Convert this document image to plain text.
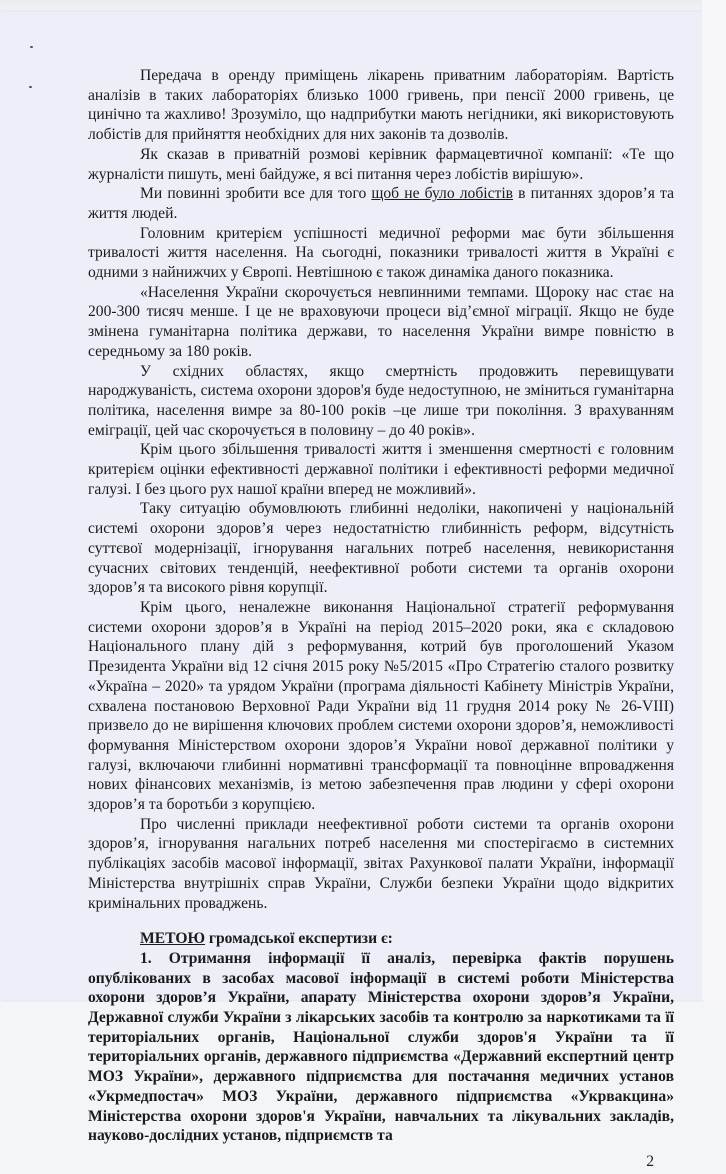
Передача в оренду приміщень лікарень приватним лабораторіям. Вартість аналізів в таких лабораторіях близько 1000 гривень, при пенсії 2000 гривень, це цинічно та жахливо! Зрозуміло, що надприбутки мають негідники, які використовують лобістів для прийняття необхідних для них законів та дозволів.

Як сказав в приватній розмові керівник фармацевтичної компанії: «Те що журналісти пишуть, мені байдуже, я всі питання через лобістів вирішую».

Ми повинні зробити все для того щоб не було лобістів в питаннях здоров’я та життя людей.

Головним критерієм успішності медичної реформи має бути збільшення тривалості життя населення. На сьогодні, показники тривалості життя в Україні є одними з найнижчих у Європі. Невтішною є також динаміка даного показника.

«Населення України скорочується невпинними темпами. Щороку нас стає на 200-300 тисяч менше. І це не враховуючи процеси від’ємної міграції. Якщо не буде змінена гуманітарна політика держави, то населення України вимре повністю в середньому за 180 років.

У східних областях, якщо смертність продовжить перевищувати народжуваність, система охорони здоров'я буде недоступною, не зміниться гуманітарна політика, населення вимре за 80-100 років –це лише три покоління. З врахуванням еміграції, цей час скорочується в половину – до 40 років».

Крім цього збільшення тривалості життя і зменшення смертності є головним критерієм оцінки ефективності державної політики і ефективності реформи медичної галузі. І без цього рух нашої країни вперед не можливий».

Таку ситуацію обумовлюють глибинні недоліки, накопичені у національній системі охорони здоров’я через недостатністю глибинність реформ, відсутність суттєвої модернізації, ігнорування нагальних потреб населення, невикористання сучасних світових тенденцій, неефективної роботи системи та органів охорони здоров’я та високого рівня корупції.

Крім цього, неналежне виконання Національної стратегії реформування системи охорони здоров’я в Україні на період 2015–2020 роки, яка є складовою Національного плану дій з реформування, котрий був проголошений Указом Президента України від 12 січня 2015 року №5/2015 «Про Стратегію сталого розвитку «Україна – 2020» та урядом України (програма діяльності Кабінету Міністрів України, схвалена постановою Верховної Ради України від 11 грудня 2014 року № 26-VIII) призвело до не вирішення ключових проблем системи охорони здоров’я, неможливості формування Міністерством охорони здоров’я України нової державної політики у галузі, включаючи глибинні нормативні трансформації та повноцінне впровадження нових фінансових механізмів, із метою забезпечення прав людини у сфері охорони здоров’я та боротьби з корупцією.

Про численні приклади неефективної роботи системи та органів охорони здоров’я, ігнорування нагальних потреб населення ми спостерігаємо в системних публікаціях засобів масової інформації, звітах Рахункової палати України, інформації Міністерства внутрішніх справ України, Служби безпеки України щодо відкритих кримінальних проваджень.

МЕТОЮ громадської експертизи є:

1. Отримання інформації її аналіз, перевірка фактів порушень опублікованих в засобах масової інформації в системі роботи Міністерства охорони здоров’я України, апарату Міністерства охорони здоров’я України, Державної служби України з лікарських засобів та контролю за наркотиками та її територіальних органів, Національної служби здоров'я України та її територіальних органів, державного підприємства «Державний експертний центр МОЗ України», державного підприємства для постачання медичних установ «Укрмедпостач» МОЗ України, державного підприємства «Укрвакцина» Міністерства охорони здоров'я України, навчальних та лікувальних закладів, науково-дослідних установ, підприємств та

2
